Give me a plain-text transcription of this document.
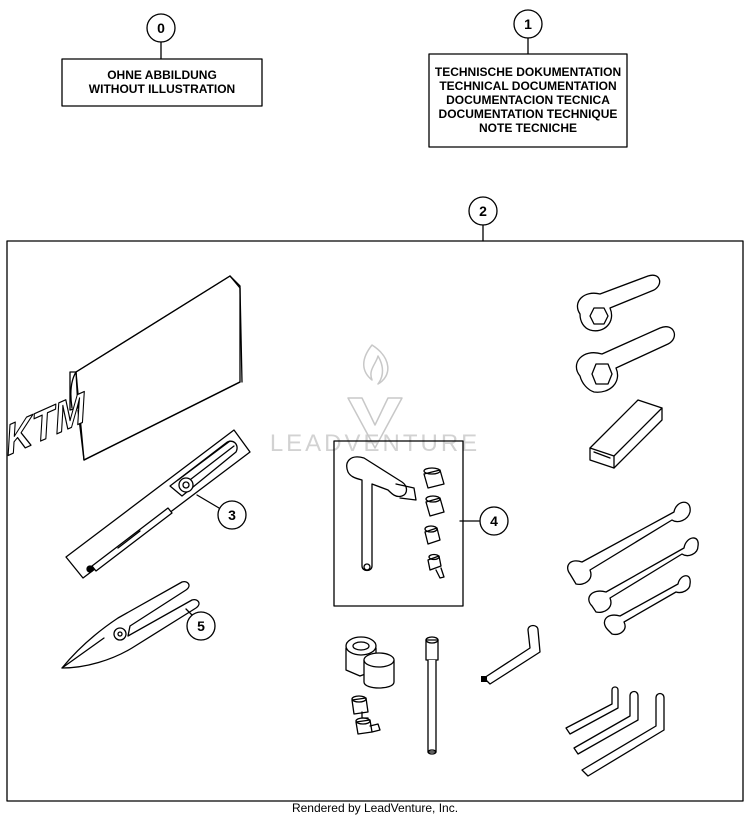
LEADVENTURE
0
OHNE ABBILDUNG
WITHOUT ILLUSTRATION
1
TECHNISCHE DOKUMENTATION
TECHNICAL DOCUMENTATION
DOCUMENTACION TECNICA
DOCUMENTATION TECHNIQUE
NOTE TECNICHE
2
KTM
3
5
4
Rendered by LeadVenture, Inc.
